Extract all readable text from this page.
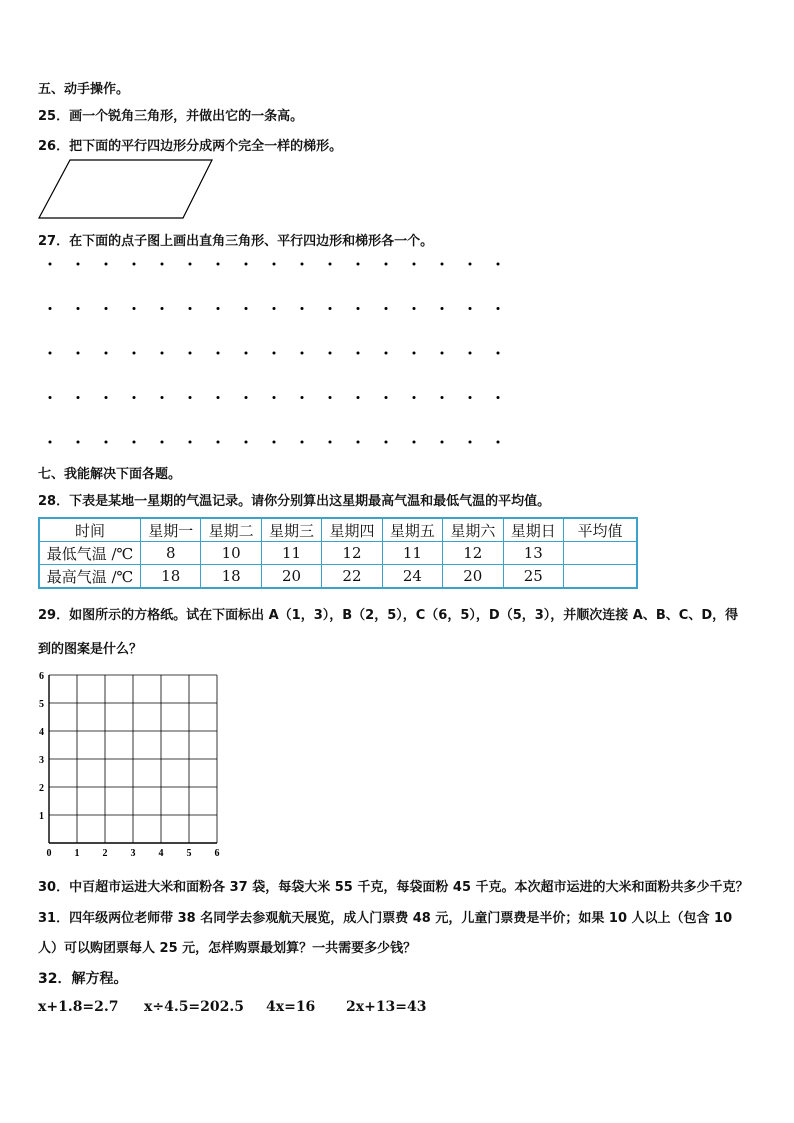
五、动手操作。
25．画一个锐角三角形，并做出它的一条高。
26．把下面的平行四边形分成两个完全一样的梯形。
27．在下面的点子图上画出直角三角形、平行四边形和梯形各一个。
七、我能解决下面各题。
28．下表是某地一星期的气温记录。请你分别算出这星期最高气温和最低气温的平均值。
时间	星期一	星期二	星期三	星期四	星期五	星期六	星期日	平均值
最低气温 /℃	8	10	11	12	11	12	13	
最高气温 /℃	18	18	20	22	24	20	25	
29．如图所示的方格纸。试在下面标出 A（1，3），B（2，5），C（6，5），D（5，3），并顺次连接 A、B、C、D，得
到的图案是什么？
0 1 2 3 4 5 6
1
2
3
4
5
6
30．中百超市运进大米和面粉各 37 袋，每袋大米 55 千克，每袋面粉 45 千克。本次超市运进的大米和面粉共多少千克？
31．四年级两位老师带 38 名同学去参观航天展览，成人门票费 48 元，儿童门票费是半价；如果 10 人以上（包含 10
人）可以购团票每人 25 元，怎样购票最划算？一共需要多少钱？
32．解方程。
x+1.8=2.7 x÷4.5=202.5 4x=16 2x+13=43
